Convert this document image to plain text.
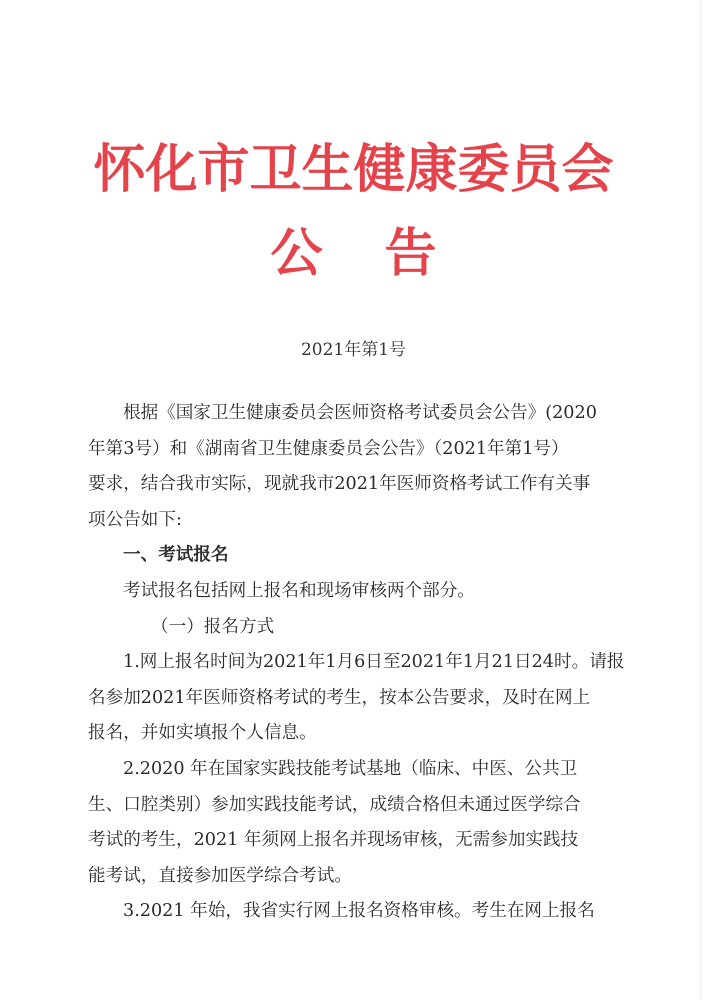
怀化市卫生健康委员会
公告
2021年第1号
根据《国家卫生健康委员会医师资格考试委员会公告》(2020
年第3号）和《湖南省卫生健康委员会公告》（2021年第1号）
要求，结合我市实际，现就我市2021年医师资格考试工作有关事
项公告如下:
一、考试报名
考试报名包括网上报名和现场审核两个部分。
（一）报名方式
1.网上报名时间为2021年1月6日至2021年1月21日24时。请报
名参加2021年医师资格考试的考生，按本公告要求，及时在网上
报名，并如实填报个人信息。
2.2020 年在国家实践技能考试基地（临床、中医、公共卫
生、口腔类别）参加实践技能考试，成绩合格但未通过医学综合
考试的考生，2021 年须网上报名并现场审核，无需参加实践技
能考试，直接参加医学综合考试。
3.2021 年始，我省实行网上报名资格审核。考生在网上报名
